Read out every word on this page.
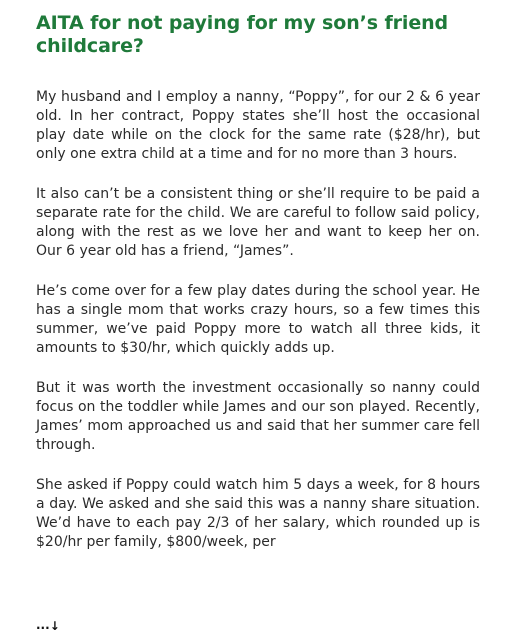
AITA for not paying for my son’s friend childcare?

My husband and I employ a nanny, “Poppy”, for our 2 & 6 year old. In her contract, Poppy states she’ll host the occasional play date while on the clock for the same rate ($28/hr), but only one extra child at a time and for no more than 3 hours.

It also can’t be a consistent thing or she’ll require to be paid a separate rate for the child. We are careful to follow said policy, along with the rest as we love her and want to keep her on. Our 6 year old has a friend, “James”.

He’s come over for a few play dates during the school year. He has a single mom that works crazy hours, so a few times this summer, we’ve paid Poppy more to watch all three kids, it amounts to $30/hr, which quickly adds up.

But it was worth the investment occasionally so nanny could focus on the toddler while James and our son played. Recently, James’ mom approached us and said that her summer care fell through.

She asked if Poppy could watch him 5 days a week, for 8 hours a day. We asked and she said this was a nanny share situation. We’d have to each pay 2/3 of her salary, which rounded up is $20/hr per family, $800/week, per

...↓
